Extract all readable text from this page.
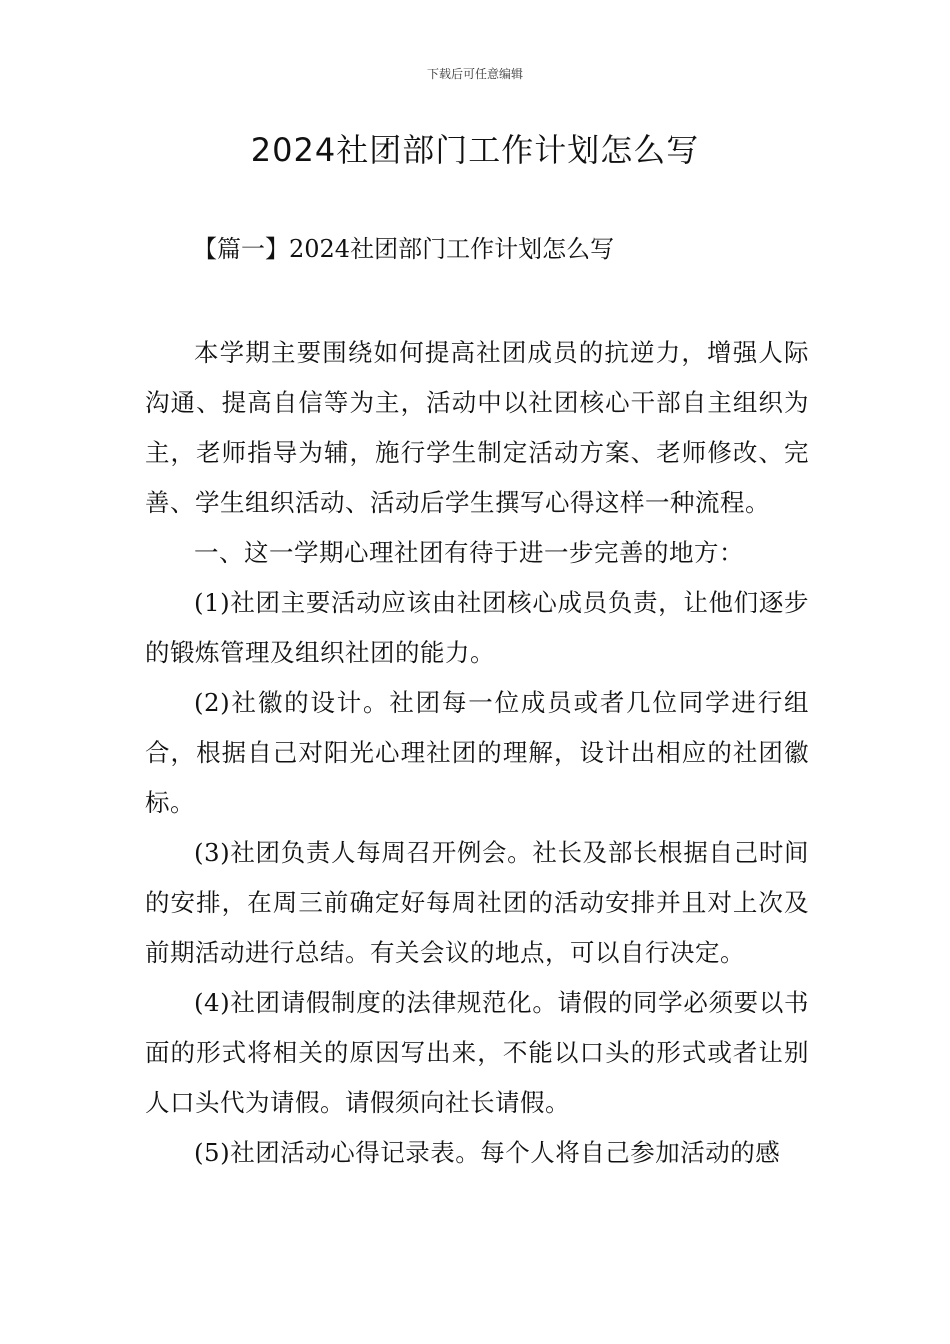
下载后可任意编辑
2024社团部门工作计划怎么写
【篇一】2024社团部门工作计划怎么写

本学期主要围绕如何提高社团成员的抗逆力，增强人际沟通、提高自信等为主，活动中以社团核心干部自主组织为主，老师指导为辅，施行学生制定活动方案、老师修改、完善、学生组织活动、活动后学生撰写心得这样一种流程。

一、这一学期心理社团有待于进一步完善的地方：

(1)社团主要活动应该由社团核心成员负责，让他们逐步的锻炼管理及组织社团的能力。

(2)社徽的设计。社团每一位成员或者几位同学进行组合，根据自己对阳光心理社团的理解，设计出相应的社团徽标。

(3)社团负责人每周召开例会。社长及部长根据自己时间的安排，在周三前确定好每周社团的活动安排并且对上次及前期活动进行总结。有关会议的地点，可以自行决定。

(4)社团请假制度的法律规范化。请假的同学必须要以书面的形式将相关的原因写出来，不能以口头的形式或者让别人口头代为请假。请假须向社长请假。

(5)社团活动心得记录表。每个人将自己参加活动的感
